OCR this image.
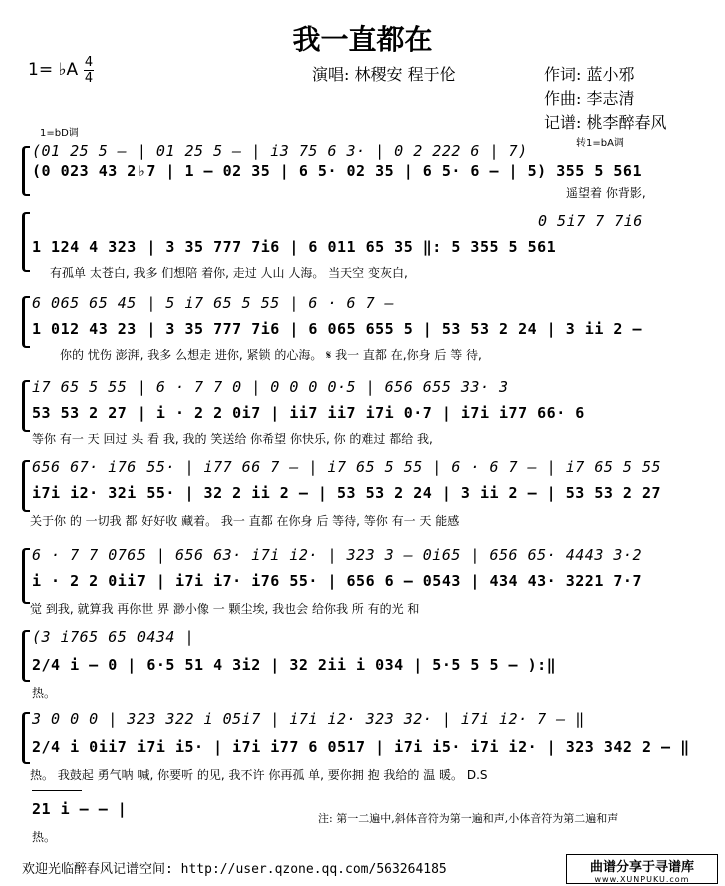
我一直都在
1= ♭A 4
4	演唱: 林稷安 程于伦	作词: 蓝小邪
作曲: 李志清
记谱: 桃李醉春风
1=bD调
转1=bA调
(01 25 5 – | 01 25 5 – | i3 75 6 3· | 0 2 222 6 | 7)
(0 023 43 2♭7 | 1 – 02 35 | 6 5· 02 35 | 6 5· 6 – | 5) 355 5 561
遥望着 你背影,
0 5i7 7 7i6
1 124 4 323 | 3 35 777 7i6 | 6 011 65 35 ‖: 5 355 5 561
有孤单 太苍白, 我多 们想陪 着你, 走过 人山 人海。 当天空 变灰白,
6 065 65 45 | 5 i7 65 5 55 | 6 · 6 7 –
1 012 43 23 | 3 35 777 7i6 | 6 065 655 5 | 53 53 2 24 | 3 ii 2 –
你的 忧伤 澎湃, 我多 么想走 进你, 紧锁 的心海。 𝄋 我一 直都 在,你身 后 等 待,
i7 65 5 55 | 6 · 7 7 0 | 0 0 0 0·5 | 656 655 33· 3
53 53 2 27 | i · 2 2 0i7 | ii7 ii7 i7i 0·7 | i7i i77 66· 6
等你 有一 天 回过 头 看 我, 我的 笑送给 你希望 你快乐, 你 的难过 都给 我,
656 67· i76 55· | i77 66 7 – | i7 65 5 55 | 6 · 6 7 – | i7 65 5 55
i7i i2· 32i 55· | 32 2 ii 2 – | 53 53 2 24 | 3 ii 2 – | 53 53 2 27
关于你 的 一切我 都 好好收 藏着。 我一 直都 在你身 后 等待, 等你 有一 天 能感
6 · 7 7 0765 | 656 63· i7i i2· | 323 3 – 0i65 | 656 65· 4443 3·2
i · 2 2 0ii7 | i7i i7· i76 55· | 656 6 – 0543 | 434 43· 3221 7·7
觉 到我, 就算我 再你世 界 渺小像 一 颗尘埃, 我也会 给你我 所 有的光 和
(3 i765 65 0434 |
2/4 i – 0 | 6·5 51 4 3i2 | 32 2ii i 034 | 5·5 5 5 – ):‖
热。
3 0 0 0 | 323 322 i 05i7 | i7i i2· 323 32· | i7i i2· 7 – ‖
2/4 i 0ii7 i7i i5· | i7i i77 6 0517 | i7i i5· i7i i2· | 323 342 2 – ‖
热。 我鼓起 勇气呐 喊, 你要听 的见, 我不许 你再孤 单, 要你拥 抱 我给的 温 暖。 D.S
21 i – – |
热。
注: 第一二遍中,斜体音符为第一遍和声,小体音符为第二遍和声
欢迎光临醉春风记谱空间: http://user.qzone.qq.com/563264185	曲谱分享于寻谱库
www.XUNPUKU.com
